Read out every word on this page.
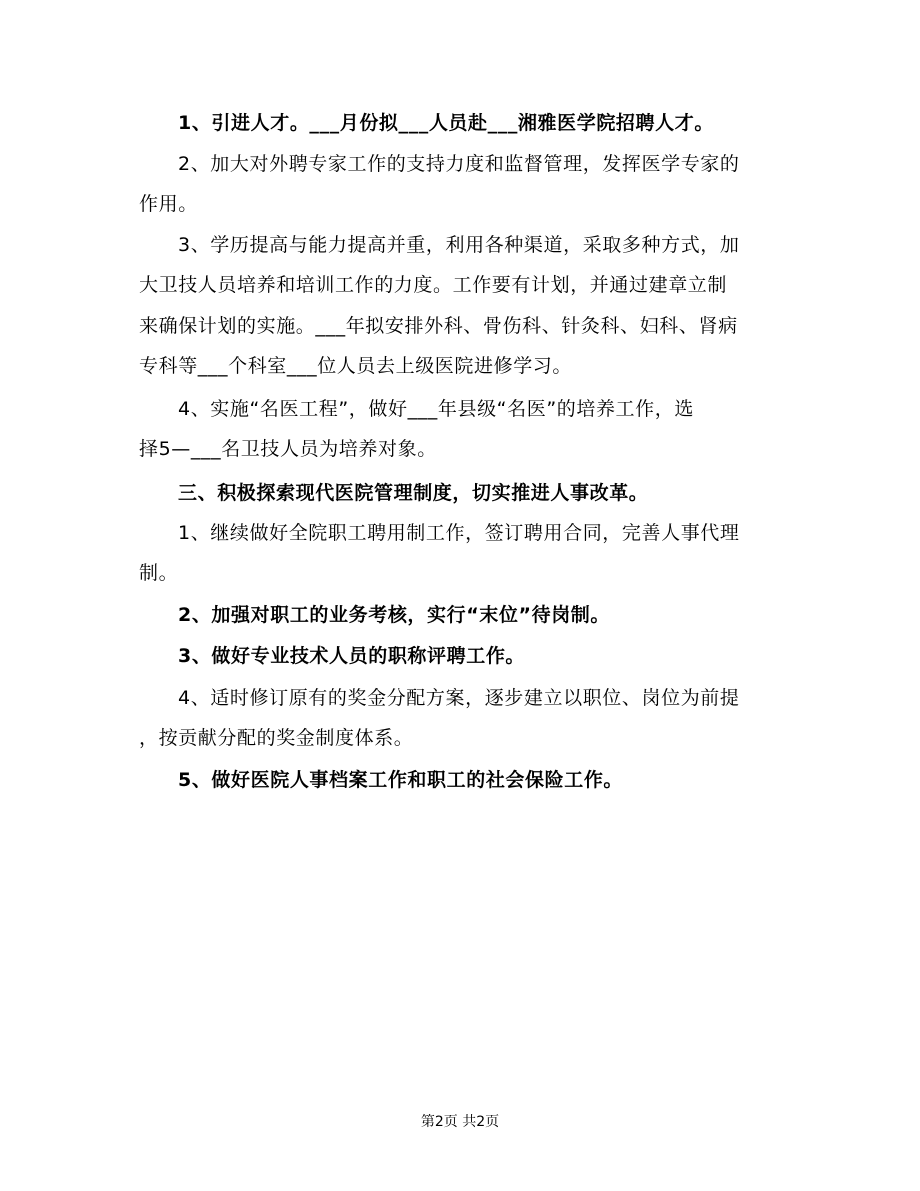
1、引进人才。___月份拟___人员赴___湘雅医学院招聘人才。
2、加大对外聘专家工作的支持力度和监督管理，发挥医学专家的
作用。
3、学历提高与能力提高并重，利用各种渠道，采取多种方式，加
大卫技人员培养和培训工作的力度。工作要有计划，并通过建章立制
来确保计划的实施。___年拟安排外科、骨伤科、针灸科、妇科、肾病
专科等___个科室___位人员去上级医院进修学习。
4、实施“名医工程”，做好___年县级“名医”的培养工作，选
择5—___名卫技人员为培养对象。
三、积极探索现代医院管理制度，切实推进人事改革。
1、继续做好全院职工聘用制工作，签订聘用合同，完善人事代理
制。
2、加强对职工的业务考核，实行“末位”待岗制。
3、做好专业技术人员的职称评聘工作。
4、适时修订原有的奖金分配方案，逐步建立以职位、岗位为前提
，按贡献分配的奖金制度体系。
5、做好医院人事档案工作和职工的社会保险工作。
第2页 共2页
